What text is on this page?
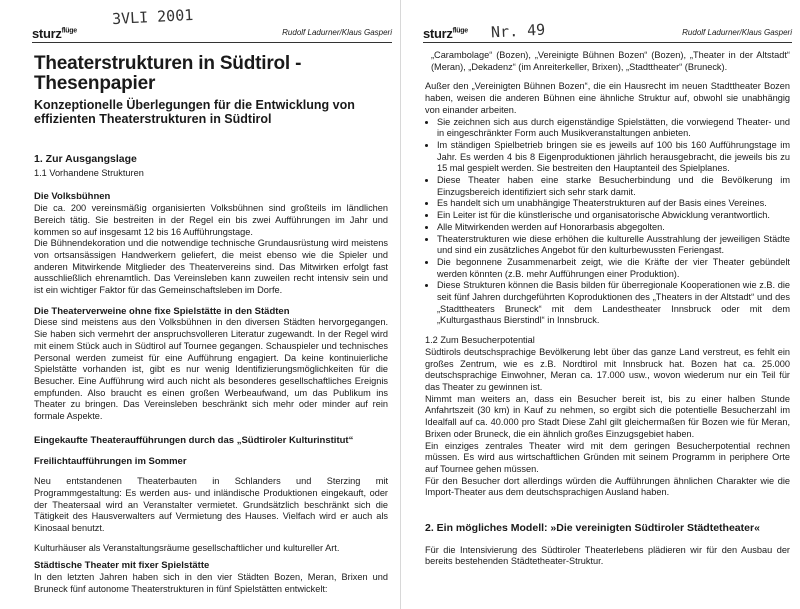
3VLI 2001
sturz$^{flüge}$	Rudolf Ladurner/Klaus Gasperi
Theaterstrukturen in Südtirol - Thesenpapier
Konzeptionelle Überlegungen für die Entwicklung von effizienten Theaterstrukturen in Südtirol
1. Zur Ausgangslage
1.1 Vorhandene Strukturen
Die Volksbühnen

Die ca. 200 vereinsmäßig organisierten Volksbühnen sind großteils im ländlichen Bereich tätig. Sie bestreiten in der Regel ein bis zwei Aufführungen im Jahr und kommen so auf insgesamt 12 bis 16 Aufführungstage.

Die Bühnendekoration und die notwendige technische Grundausrüstung wird meistens von ortsansässigen Handwerkern geliefert, die meist ebenso wie die Spieler und anderen Mitwirkende Mitglieder des Theatervereins sind. Das Mitwirken erfolgt fast ausschließlich ehrenamtlich. Das Vereinsleben kann zuweilen recht intensiv sein und ist ein wichtiger Faktor für das Gemeinschaftsleben im Dorfe.

Die Theaterverweine ohne fixe Spielstätte in den Städten

Diese sind meistens aus den Volksbühnen in den diversen Städten hervorgegangen. Sie haben sich vermehrt der anspruchsvolleren Literatur zugewandt. In der Regel wird mit einem Stück auch in Südtirol auf Tournee gegangen. Schauspieler und technisches Personal werden zumeist für eine Aufführung engagiert. Da keine kontinuierliche Spielstätte vorhanden ist, gibt es nur wenig Identifizierungsmöglichkeiten für die Besucher. Eine Aufführung wird auch nicht als besonderes gesellschaftliches Ereignis empfunden. Also braucht es einen großen Werbeaufwand, um das Publikum ins Theater zu bringen. Das Vereinsleben beschränkt sich mehr oder minder auf rein formale Aspekte.

Eingekaufte Theateraufführungen durch das „Südtiroler Kulturinstitut“
Freilichtaufführungen im Sommer

Neu entstandenen Theaterbauten in Schlanders und Sterzing mit Programmgestaltung: Es werden aus- und inländische Produktionen eingekauft, oder der Theatersaal wird an Veranstalter vermietet. Grundsätzlich beschränkt sich die Tätigkeit des Hausverwalters auf Vermietung des Hauses. Vielfach wird er auch als Kinosaal benutzt.

Kulturhäuser als Veranstaltungsräume gesellschaftlicher und kultureller Art.

Städtische Theater mit fixer Spielstätte

In den letzten Jahren haben sich in den vier Städten Bozen, Meran, Brixen und Bruneck fünf autonome Theaterstrukturen in fünf Spielstätten entwickelt:

Nr. 49
sturz$^{flüge}$	Rudolf Ladurner/Klaus Gasperi

„Carambolage“ (Bozen), „Vereinigte Bühnen Bozen“ (Bozen), „Theater in der Altstadt“ (Meran), „Dekadenz“ (im Anreiterkeller, Brixen), „Stadttheater“ (Bruneck).

Außer den „Vereinigten Bühnen Bozen“, die ein Hausrecht im neuen Stadttheater Bozen haben, weisen die anderen Bühnen eine ähnliche Struktur auf, obwohl sie unabhängig von einander arbeiten.

• Sie zeichnen sich aus durch eigenständige Spielstätten, die vorwiegend Theater- und in eingeschränkter Form auch Musikveranstaltungen anbieten.
• Im ständigen Spielbetrieb bringen sie es jeweils auf 100 bis 160 Aufführungstage im Jahr. Es werden 4 bis 8 Eigenproduktionen jährlich herausgebracht, die jeweils bis zu 15 mal gespielt werden. Sie bestreiten den Hauptanteil des Spielplanes.
• Diese Theater haben eine starke Besucherbindung und die Bevölkerung im Einzugsbereich identifiziert sich sehr stark damit.
• Es handelt sich um unabhängige Theaterstrukturen auf der Basis eines Vereines.
• Ein Leiter ist für die künstlerische und organisatorische Abwicklung verantwortlich.
• Alle Mitwirkenden werden auf Honorarbasis abgegolten.
• Theaterstrukturen wie diese erhöhen die kulturelle Ausstrahlung der jeweiligen Städte und sind ein zusätzliches Angebot für den kulturbewussten Feriengast.
• Die begonnene Zusammenarbeit zeigt, wie die Kräfte der vier Theater gebündelt werden könnten (z.B. mehr Aufführungen einer Produktion).
• Diese Strukturen können die Basis bilden für überregionale Kooperationen wie z.B. die seit fünf Jahren durchgeführten Koproduktionen des „Theaters in der Altstadt“ und des „Stadttheaters Bruneck“ mit dem Landestheater Innsbruck oder mit dem „Kulturgasthaus Bierstindl“ in Innsbruck.
1.2 Zum Besucherpotential

Südtirols deutschsprachige Bevölkerung lebt über das ganze Land verstreut, es fehlt ein großes Zentrum, wie es z.B. Nordtirol mit Innsbruck hat. Bozen hat ca. 25.000 deutschsprachige Einwohner, Meran ca. 17.000 usw., wovon wiederum nur ein Teil für das Theater zu gewinnen ist.

Nimmt man weiters an, dass ein Besucher bereit ist, bis zu einer halben Stunde Anfahrtszeit (30 km) in Kauf zu nehmen, so ergibt sich die potentielle Besucherzahl im Idealfall auf ca. 40.000 pro Stadt Diese Zahl gilt gleichermaßen für Bozen wie für Meran, Brixen oder Bruneck, die ein ähnlich großes Einzugsgebiet haben.

Ein einziges zentrales Theater wird mit dem geringen Besucherpotential rechnen müssen. Es wird aus wirtschaftlichen Gründen mit seinem Programm in periphere Orte auf Tournee gehen müssen.

Für den Besucher dort allerdings würden die Aufführungen ähnlichen Charakter wie die Import-Theater aus dem deutschsprachigen Ausland haben.

2. Ein mögliches Modell: »Die vereinigten Südtiroler Städtetheater«

Für die Intensivierung des Südtiroler Theaterlebens plädieren wir für den Ausbau der bereits bestehenden Städtetheater-Struktur.
